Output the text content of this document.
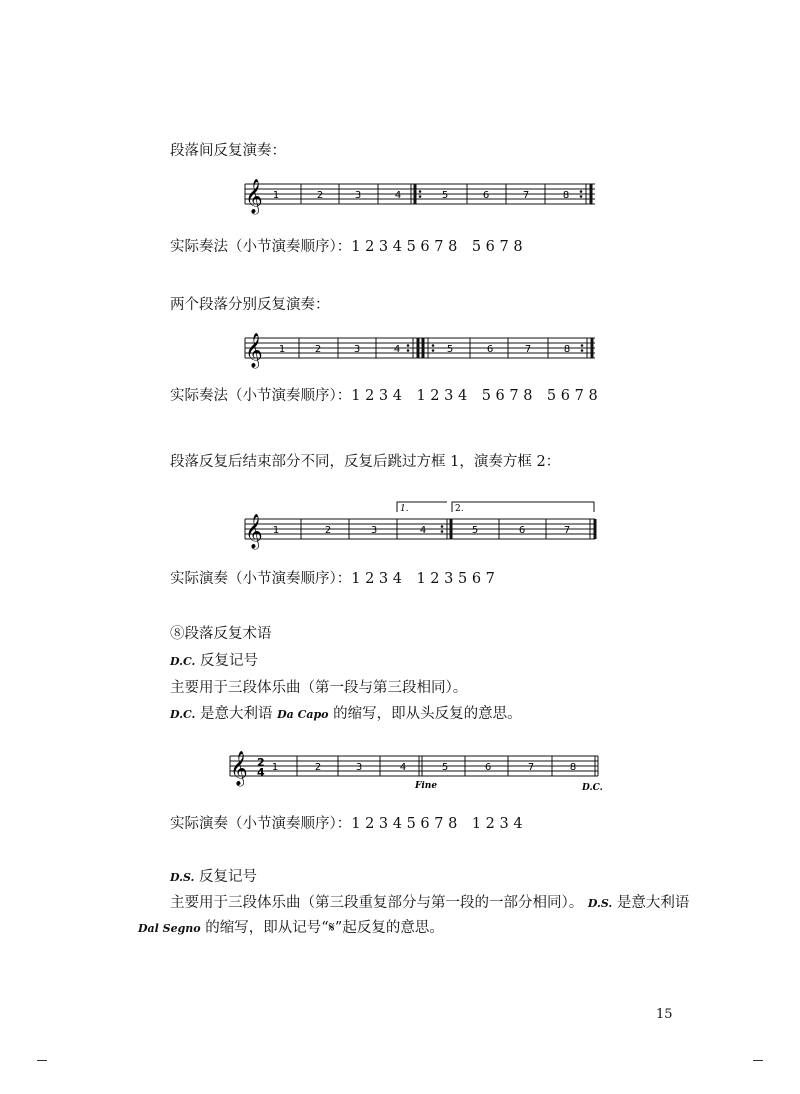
段落间反复演奏：
𝄞 1	2	3	4	5	6	7	8
实际奏法（小节演奏顺序）：1 2 3 4 5 6 7 8　5 6 7 8
两个段落分别反复演奏：
𝄞 1	2	3	4	5	6	7	8
实际奏法（小节演奏顺序）：1 2 3 4　1 2 3 4　5 6 7 8　5 6 7 8
段落反复后结束部分不同，反复后跳过方框 1，演奏方框 2：
1.	2.
𝄞 1	2	3	4	5	6	7
实际演奏（小节演奏顺序）：1 2 3 4　1 2 3 5 6 7
⑧段落反复术语
D.C. 反复记号
主要用于三段体乐曲（第一段与第三段相同）。
D.C. 是意大利语 Da Capo 的缩写，即从头反复的意思。
𝄞 2
4 1	2	3	4	5	6	7	8
Fine	D.C.
实际演奏（小节演奏顺序）：1 2 3 4 5 6 7 8　1 2 3 4
D.S. 反复记号
主要用于三段体乐曲（第三段重复部分与第一段的一部分相同）。 D.S. 是意大利语
Dal Segno 的缩写，即从记号“𝄋”起反复的意思。
15
